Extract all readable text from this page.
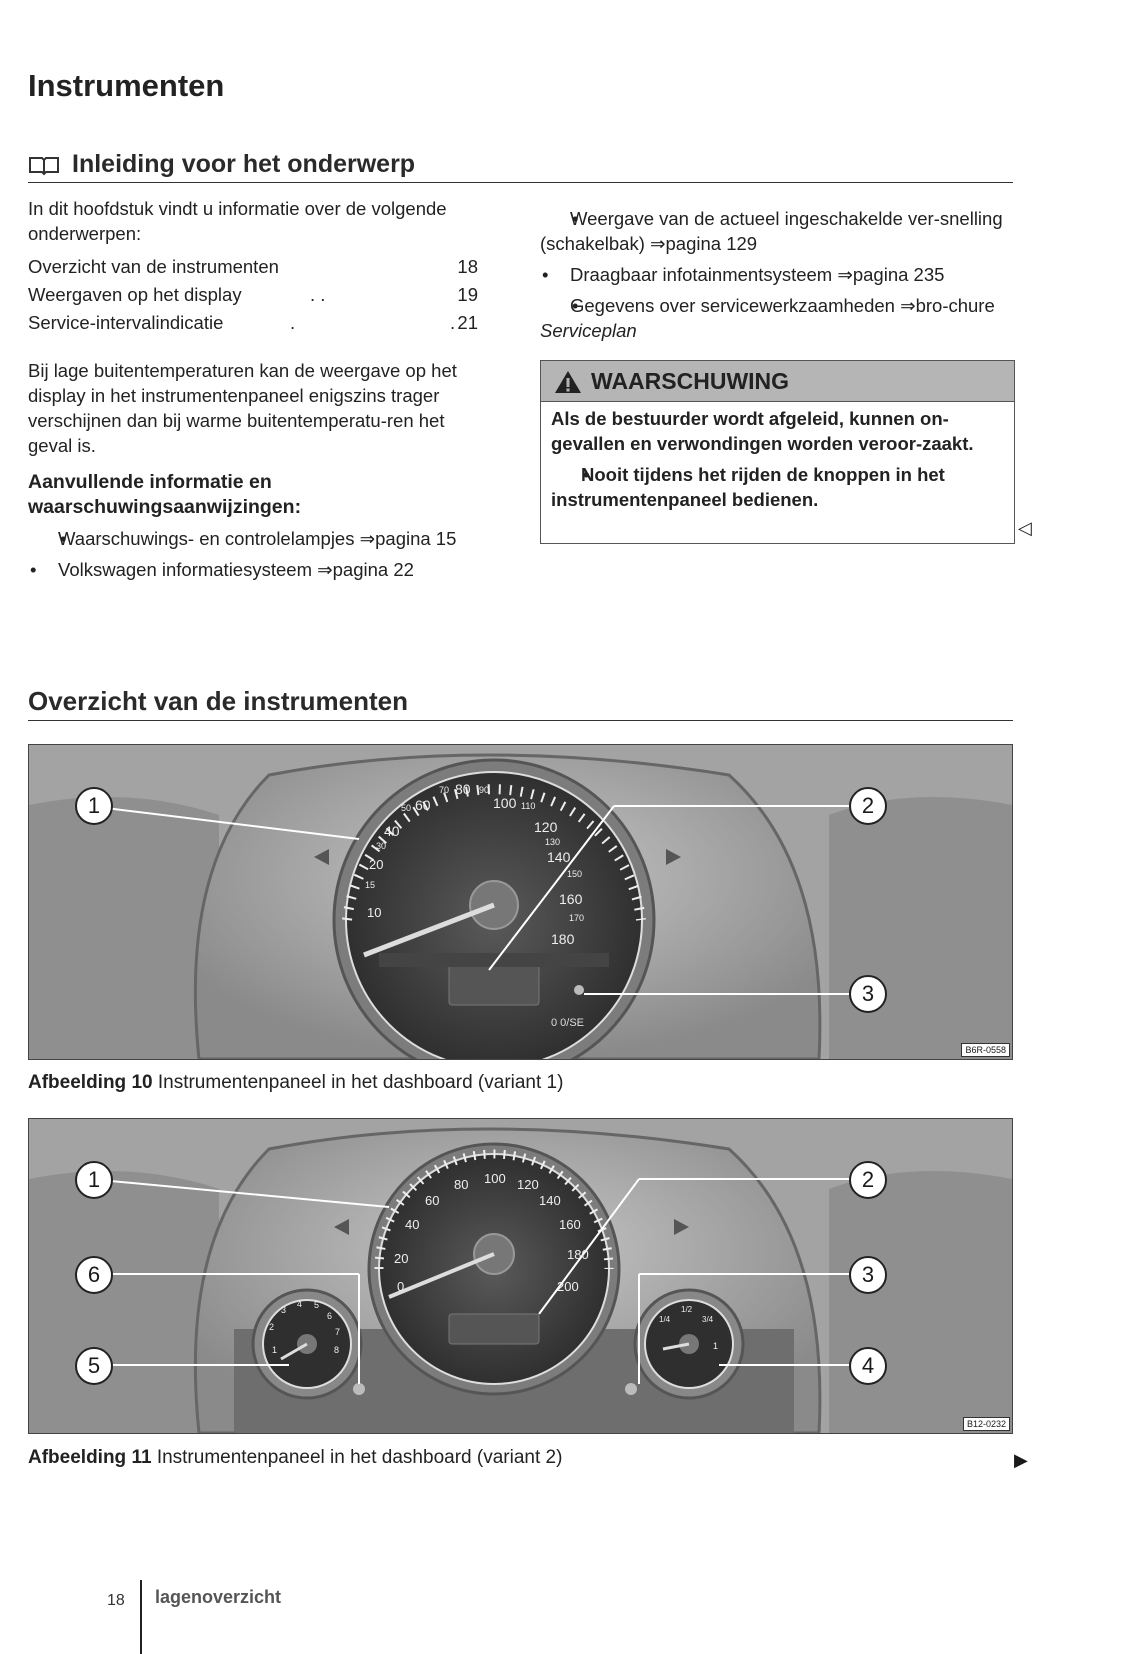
Instrumenten
Inleiding voor het onderwerp
In dit hoofdstuk vindt u informatie over de volgende onderwerpen:
Overzicht van de instrumenten	18
Weergaven op het display	. .	19
Service-intervalindicatie	.	. 21
Bij lage buitentemperaturen kan de weergave op het display in het instrumentenpaneel enigszins trager verschijnen dan bij warme buitentemperatu-ren het geval is.
Aanvullende informatie en waarschuwingsaanwijzingen:
• Waarschuwings- en controlelampjes ⇒pagina 15
• Volkswagen informatiesysteem ⇒pagina 22
• Weergave van de actueel ingeschakelde ver-snelling (schakelbak) ⇒pagina 129
• Draagbaar infotainmentsysteem ⇒pagina 235
• Gegevens over servicewerkzaamheden ⇒bro-chure Serviceplan
WAARSCHUWING
Als de bestuurder wordt afgeleid, kunnen on-gevallen en verwondingen worden veroor-zaakt.
• Nooit tijdens het rijden de knoppen in het instrumentenpaneel bedienen.
◁
Overzicht van de instrumenten
10
15
20
30
40
50 60
70 80 90
100 110
120
130
140
150
160
170
180
0 0/SE
1	2
3
B6R-0558
Afbeelding 10 Instrumentenpaneel in het dashboard (variant 1)
0
20
40
60
80 100 120
140
160
180
200
1
2
3
4 5
6
7
8
1/4
1/2
3/4
1
1	2
6	3
5	4
B12-0232
Afbeelding 11 Instrumentenpaneel in het dashboard (variant 2)	▶
18 lagenoverzicht
